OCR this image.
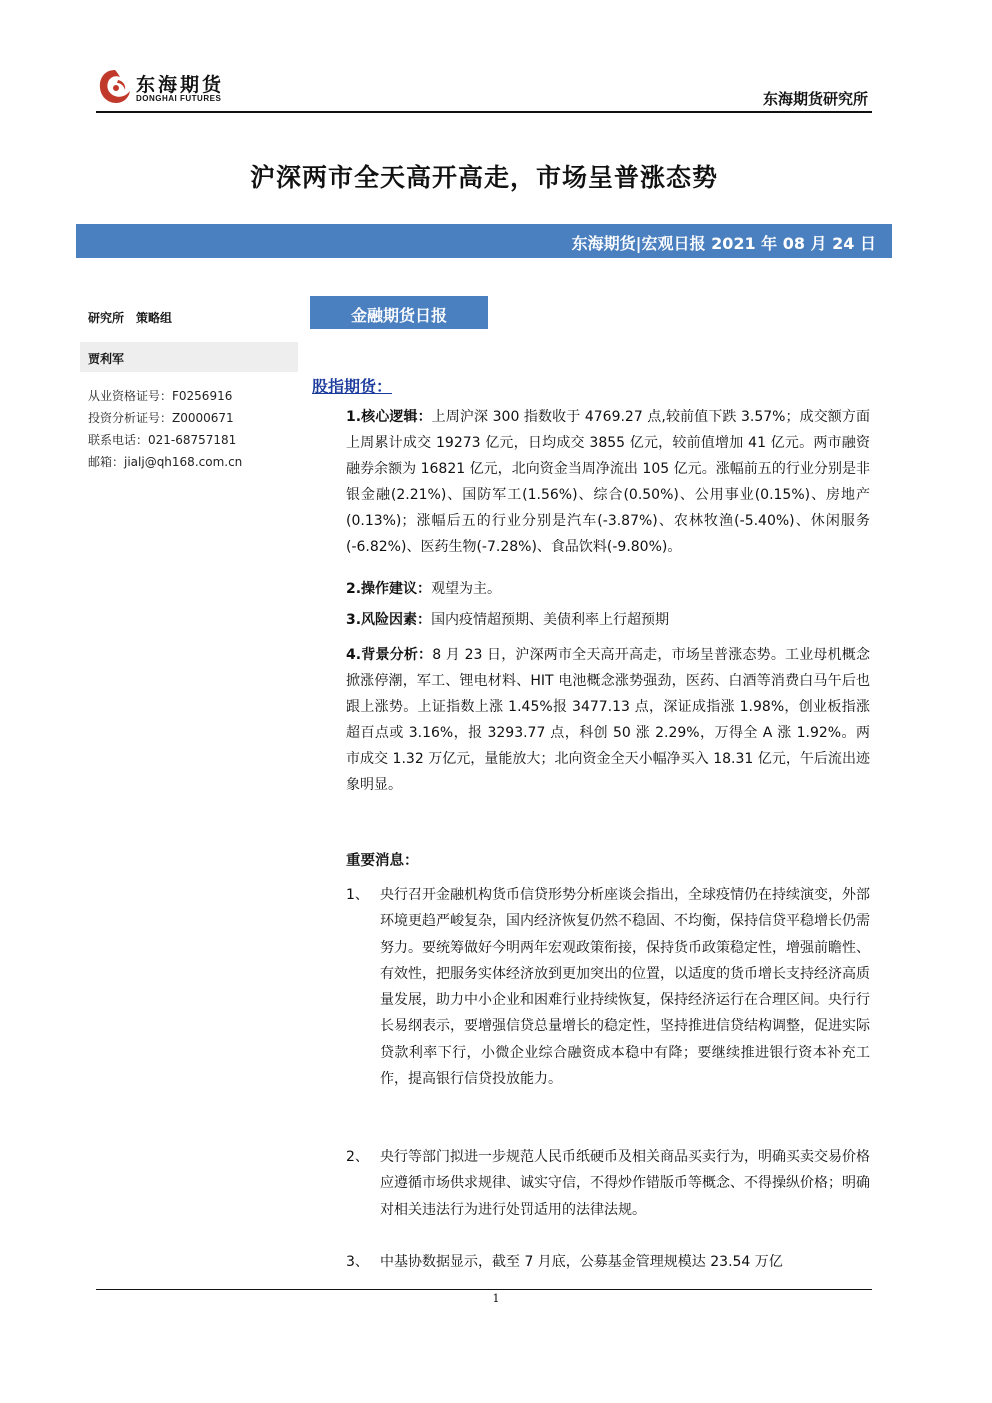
东海期货
DONGHAI FUTURES	东海期货研究所
沪深两市全天高开高走，市场呈普涨态势
东海期货|宏观日报 2021 年 08 月 24 日
研究所　策略组
贾利军
从业资格证号：F0256916
投资分析证号：Z0000671
联系电话：021-68757181
邮箱：jialj@qh168.com.cn
金融期货日报
股指期货：
1.核心逻辑：上周沪深 300 指数收于 4769.27 点,较前值下跌 3.57%；成交额方面上周累计成交 19273 亿元，日均成交 3855 亿元，较前值增加 41 亿元。两市融资融券余额为 16821 亿元，北向资金当周净流出 105 亿元。涨幅前五的行业分别是非银金融(2.21%)、国防军工(1.56%)、综合(0.50%)、公用事业(0.15%)、房地产(0.13%)；涨幅后五的行业分别是汽车(-3.87%)、农林牧渔(-5.40%)、休闲服务(-6.82%)、医药生物(-7.28%)、食品饮料(-9.80%)。
2.操作建议：观望为主。
3.风险因素：国内疫情超预期、美债利率上行超预期
4.背景分析：8 月 23 日，沪深两市全天高开高走，市场呈普涨态势。工业母机概念掀涨停潮，军工、锂电材料、HIT 电池概念涨势强劲，医药、白酒等消费白马午后也跟上涨势。上证指数上涨 1.45%报 3477.13 点，深证成指涨 1.98%，创业板指涨超百点或 3.16%，报 3293.77 点，科创 50 涨 2.29%，万得全 A 涨 1.92%。两市成交 1.32 万亿元，量能放大；北向资金全天小幅净买入 18.31 亿元，午后流出迹象明显。
重要消息：
1、 央行召开金融机构货币信贷形势分析座谈会指出，全球疫情仍在持续演变，外部环境更趋严峻复杂，国内经济恢复仍然不稳固、不均衡，保持信贷平稳增长仍需努力。要统筹做好今明两年宏观政策衔接，保持货币政策稳定性，增强前瞻性、有效性，把服务实体经济放到更加突出的位置，以适度的货币增长支持经济高质量发展，助力中小企业和困难行业持续恢复，保持经济运行在合理区间。央行行长易纲表示，要增强信贷总量增长的稳定性，坚持推进信贷结构调整，促进实际贷款利率下行，小微企业综合融资成本稳中有降；要继续推进银行资本补充工作，提高银行信贷投放能力。
2、 央行等部门拟进一步规范人民币纸硬币及相关商品买卖行为，明确买卖交易价格应遵循市场供求规律、诚实守信，不得炒作错版币等概念、不得操纵价格；明确对相关违法行为进行处罚适用的法律法规。
3、 中基协数据显示，截至 7 月底，公募基金管理规模达 23.54 万亿
1
